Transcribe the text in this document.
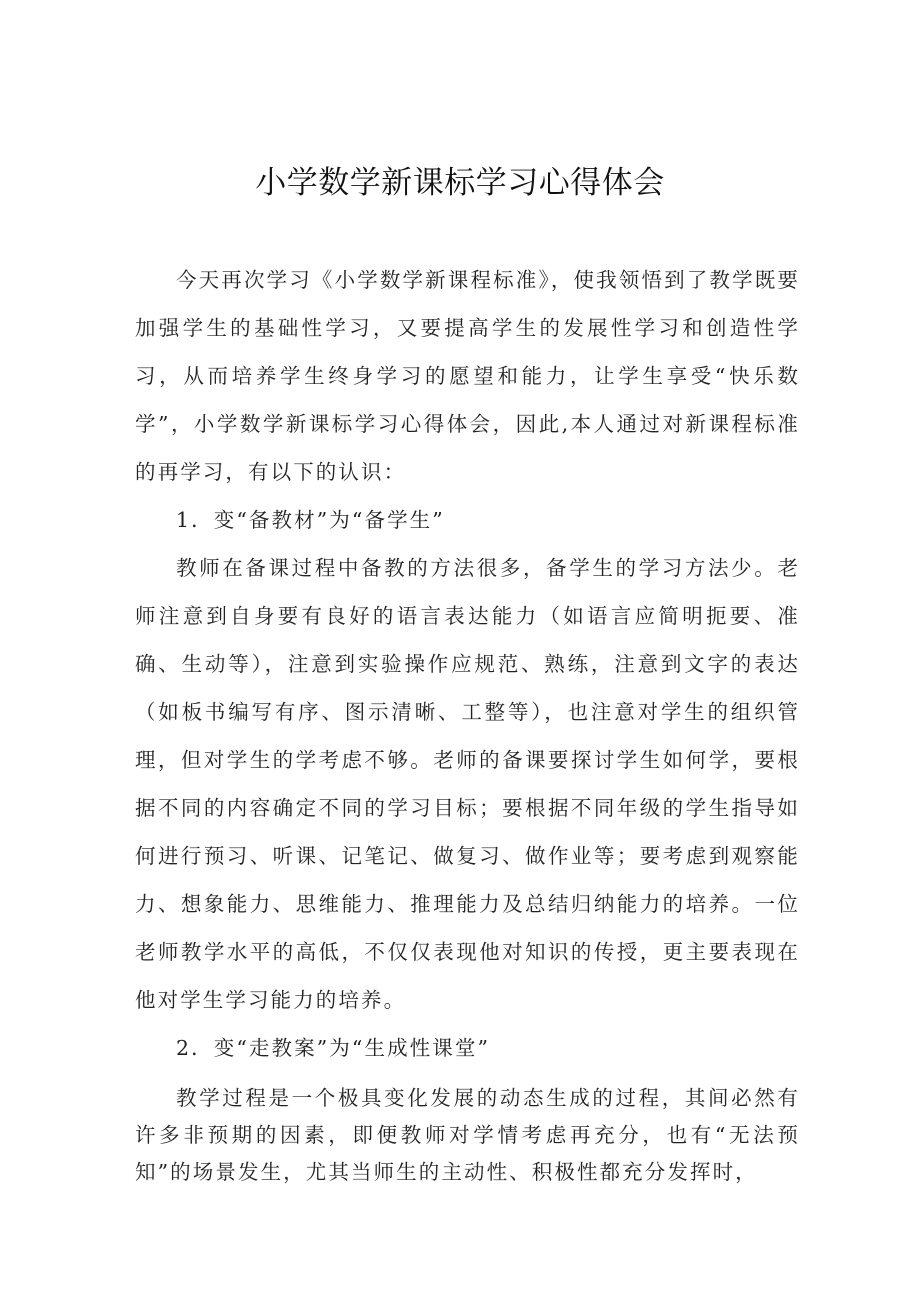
小学数学新课标学习心得体会

今天再次学习《小学数学新课程标准》，使我领悟到了教学既要加强学生的基础性学习，又要提高学生的发展性学习和创造性学习，从而培养学生终身学习的愿望和能力，让学生享受“快乐数学”，小学数学新课标学习心得体会，因此,本人通过对新课程标准的再学习，有以下的认识：

1．变“备教材”为“备学生”

教师在备课过程中备教的方法很多，备学生的学习方法少。老师注意到自身要有良好的语言表达能力（如语言应简明扼要、准确、生动等），注意到实验操作应规范、熟练，注意到文字的表达（如板书编写有序、图示清晰、工整等），也注意对学生的组织管理，但对学生的学考虑不够。老师的备课要探讨学生如何学，要根据不同的内容确定不同的学习目标；要根据不同年级的学生指导如何进行预习、听课、记笔记、做复习、做作业等；要考虑到观察能力、想象能力、思维能力、推理能力及总结归纳能力的培养。一位老师教学水平的高低，不仅仅表现他对知识的传授，更主要表现在他对学生学习能力的培养。

2．变“走教案”为“生成性课堂”

教学过程是一个极具变化发展的动态生成的过程，其间必然有许多非预期的因素，即便教师对学情考虑再充分，也有“无法预知”的场景发生，尤其当师生的主动性、积极性都充分发挥时，
